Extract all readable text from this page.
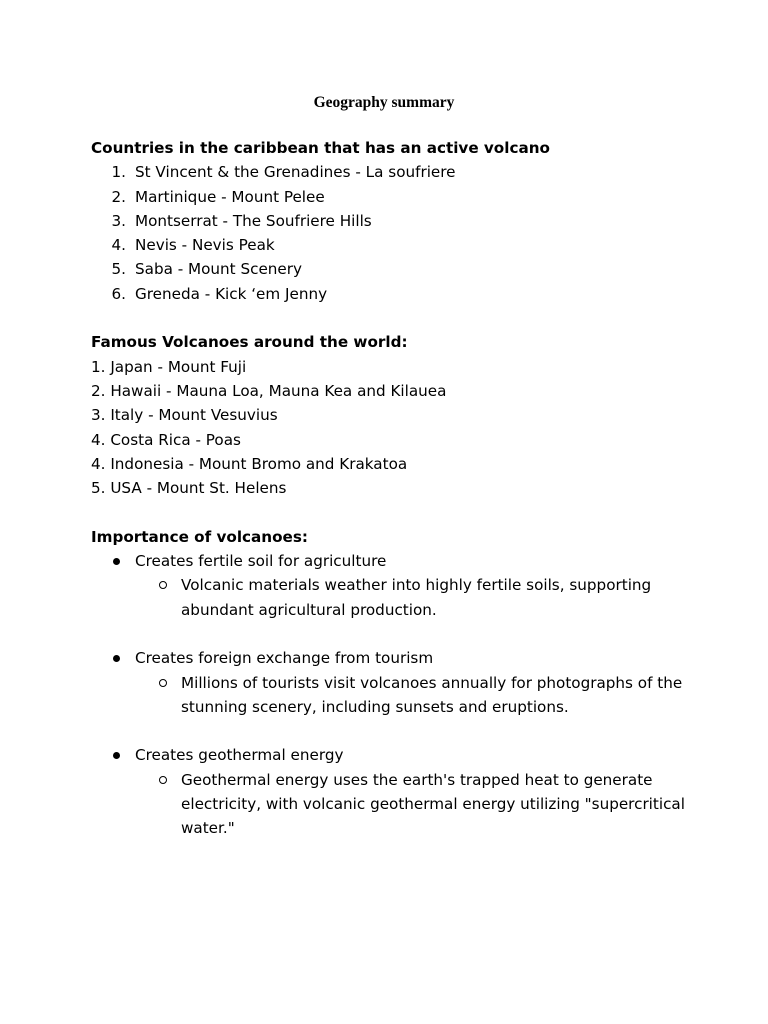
Geography summary

Countries in the caribbean that has an active volcano

1. St Vincent & the Grenadines - La soufriere
2. Martinique - Mount Pelee
3. Montserrat - The Soufriere Hills
4. Nevis - Nevis Peak
5. Saba - Mount Scenery
6. Greneda - Kick ‘em Jenny

Famous Volcanoes around the world:

1. Japan - Mount Fuji

2. Hawaii - Mauna Loa, Mauna Kea and Kilauea

3. Italy - Mount Vesuvius

4. Costa Rica - Poas

4. Indonesia - Mount Bromo and Krakatoa

5. USA - Mount St. Helens

Importance of volcanoes:

Creates fertile soil for agriculture
Volcanic materials weather into highly fertile soils, supporting abundant agricultural production.
Creates foreign exchange from tourism
Millions of tourists visit volcanoes annually for photographs of the stunning scenery, including sunsets and eruptions.
Creates geothermal energy
Geothermal energy uses the earth's trapped heat to generate electricity, with volcanic geothermal energy utilizing "supercritical water."
